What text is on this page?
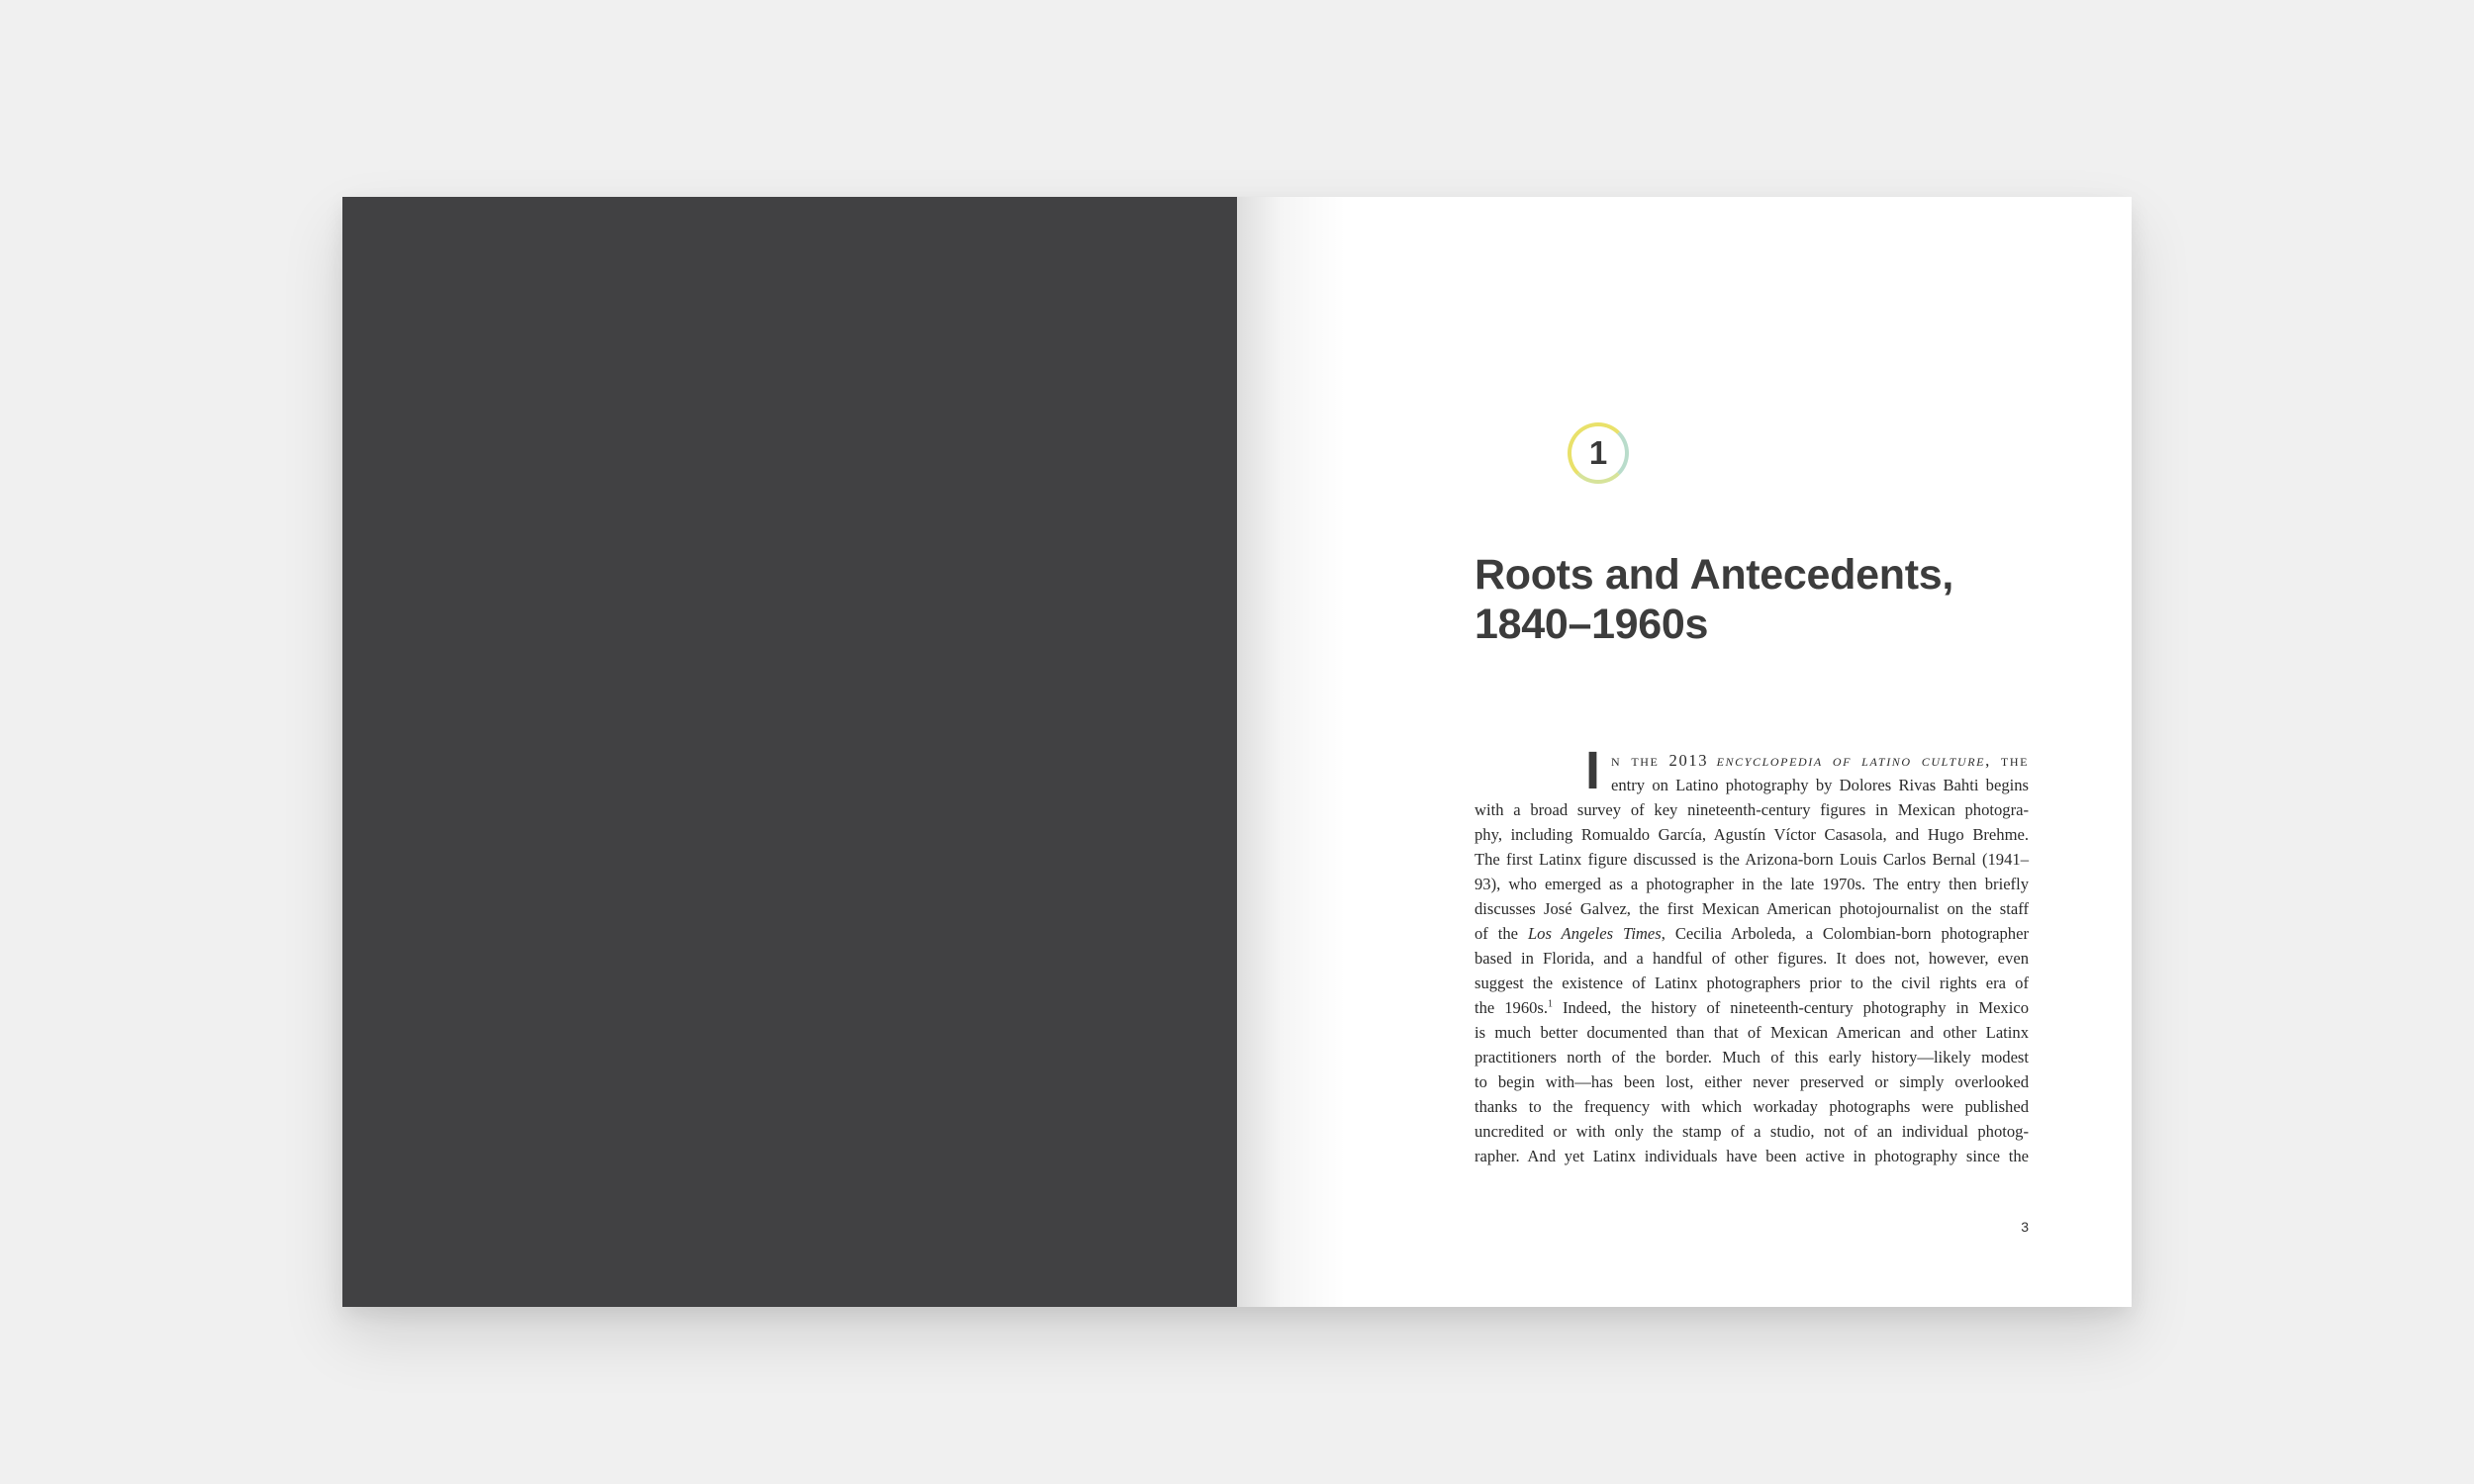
1
Roots and Antecedents,
1840–1960s
I n the 2013 encyclopedia of latino culture, the
entry on Latino photography by Dolores Rivas Bahti begins
with a broad survey of key nineteenth-century figures in Mexican photogra-
phy, including Romualdo García, Agustín Víctor Casasola, and Hugo Brehme.
The first Latinx figure discussed is the Arizona-born Louis Carlos Bernal (1941–
93), who emerged as a photographer in the late 1970s. The entry then briefly
discusses José Galvez, the first Mexican American photojournalist on the staff
of the Los Angeles Times, Cecilia Arboleda, a Colombian-born photographer
based in Florida, and a handful of other figures. It does not, however, even
suggest the existence of Latinx photographers prior to the civil rights era of
the 1960s.$^1$ Indeed, the history of nineteenth-century photography in Mexico
is much better documented than that of Mexican American and other Latinx
practitioners north of the border. Much of this early history—likely modest
to begin with—has been lost, either never preserved or simply overlooked
thanks to the frequency with which workaday photographs were published
uncredited or with only the stamp of a studio, not of an individual photog-
rapher. And yet Latinx individuals have been active in photography since the
3
